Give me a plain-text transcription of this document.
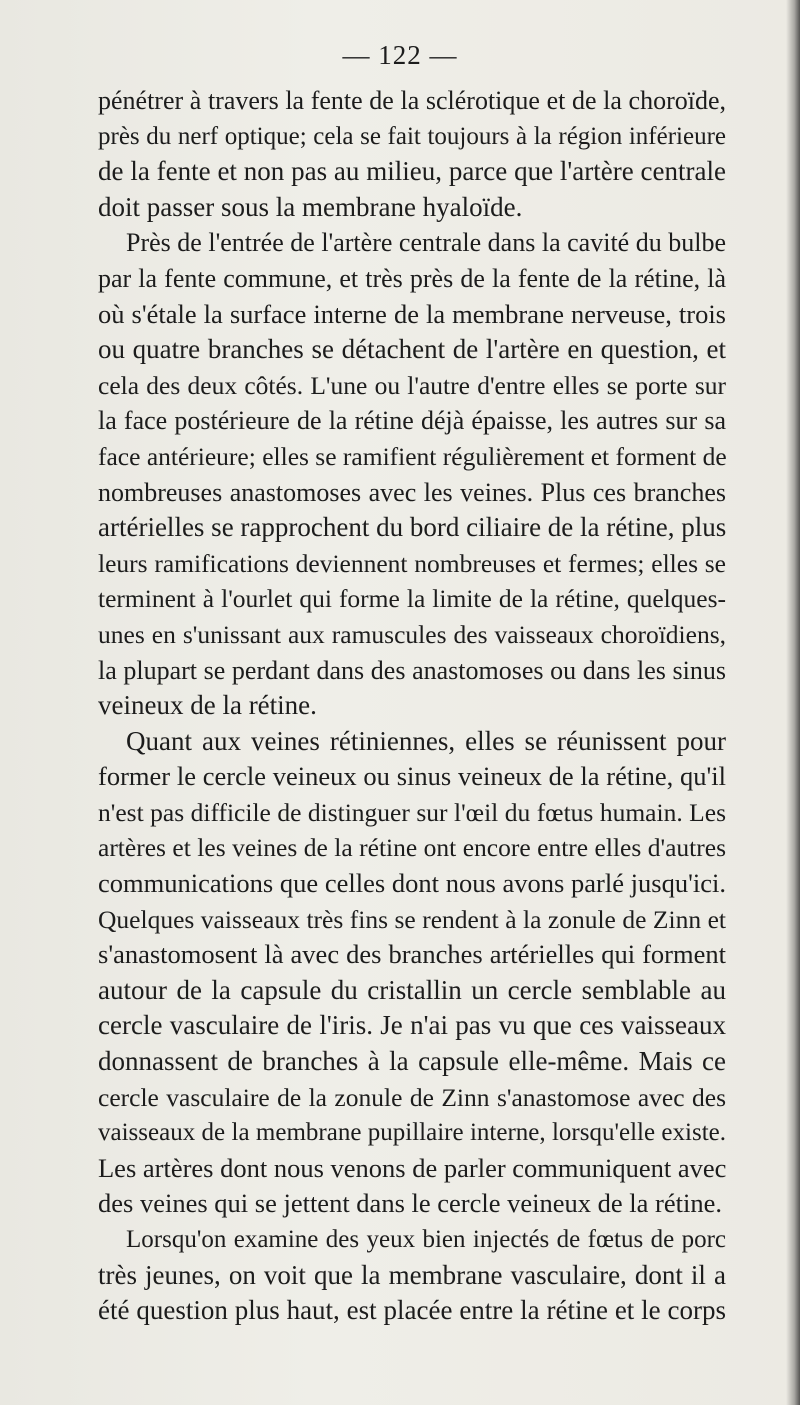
— 122 —

pénétrer à travers la fente de la sclérotique et de la choroïde,
près du nerf optique; cela se fait toujours à la région inférieure
de la fente et non pas au milieu, parce que l'artère centrale
doit passer sous la membrane hyaloïde.
Près de l'entrée de l'artère centrale dans la cavité du bulbe
par la fente commune, et très près de la fente de la rétine, là
où s'étale la surface interne de la membrane nerveuse, trois
ou quatre branches se détachent de l'artère en question, et
cela des deux côtés. L'une ou l'autre d'entre elles se porte sur
la face postérieure de la rétine déjà épaisse, les autres sur sa
face antérieure; elles se ramifient régulièrement et forment de
nombreuses anastomoses avec les veines. Plus ces branches
artérielles se rapprochent du bord ciliaire de la rétine, plus
leurs ramifications deviennent nombreuses et fermes; elles se
terminent à l'ourlet qui forme la limite de la rétine, quelques-
unes en s'unissant aux ramuscules des vaisseaux choroïdiens,
la plupart se perdant dans des anastomoses ou dans les sinus
veineux de la rétine.
Quant aux veines rétiniennes, elles se réunissent pour
former le cercle veineux ou sinus veineux de la rétine, qu'il
n'est pas difficile de distinguer sur l'œil du fœtus humain. Les
artères et les veines de la rétine ont encore entre elles d'autres
communications que celles dont nous avons parlé jusqu'ici.
Quelques vaisseaux très fins se rendent à la zonule de Zinn et
s'anastomosent là avec des branches artérielles qui forment
autour de la capsule du cristallin un cercle semblable au
cercle vasculaire de l'iris. Je n'ai pas vu que ces vaisseaux
donnassent de branches à la capsule elle-même. Mais ce
cercle vasculaire de la zonule de Zinn s'anastomose avec des
vaisseaux de la membrane pupillaire interne, lorsqu'elle existe.
Les artères dont nous venons de parler communiquent avec
des veines qui se jettent dans le cercle veineux de la rétine.
Lorsqu'on examine des yeux bien injectés de fœtus de porc
très jeunes, on voit que la membrane vasculaire, dont il a
été question plus haut, est placée entre la rétine et le corps
